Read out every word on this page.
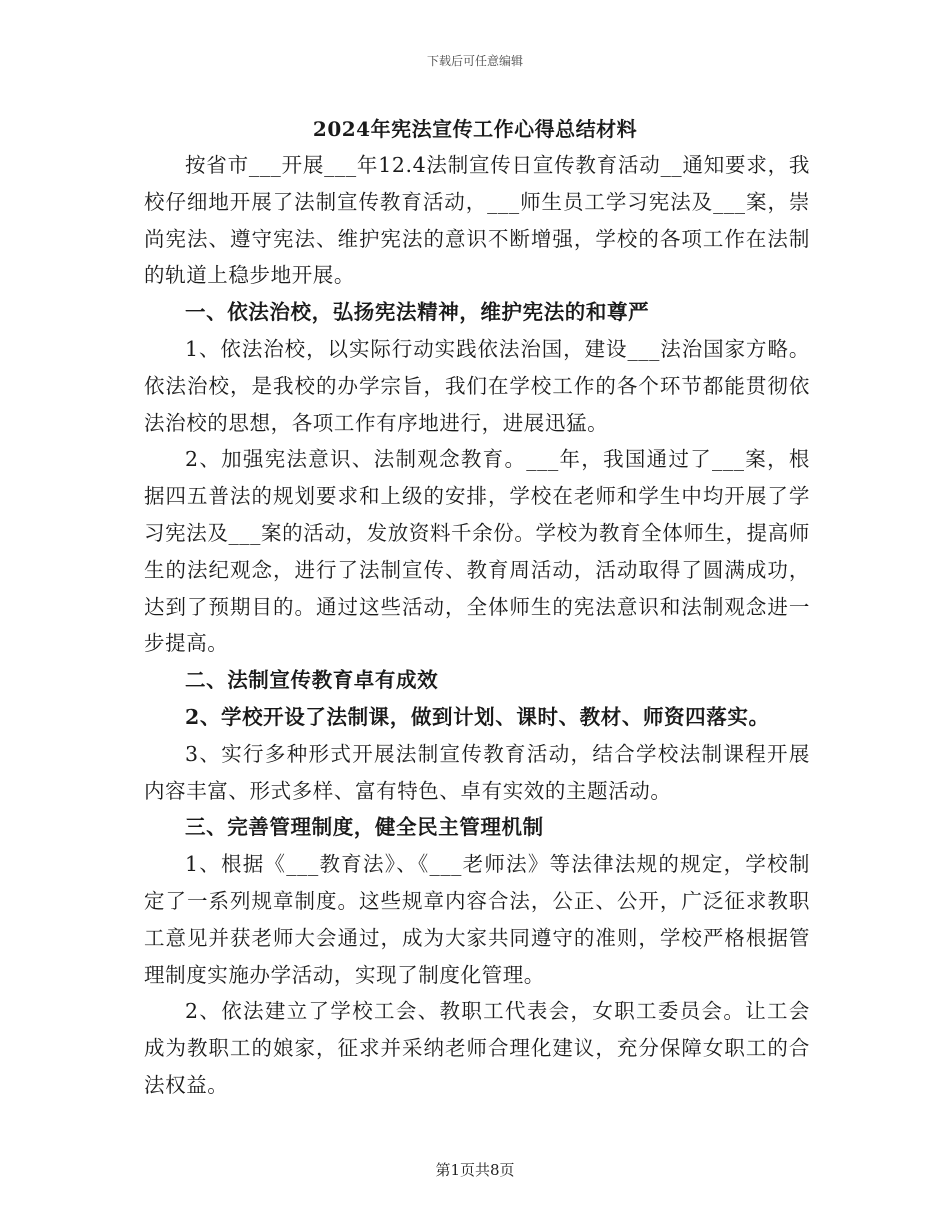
下载后可任意编辑
2024年宪法宣传工作心得总结材料

按省市___开展___年12.4法制宣传日宣传教育活动__通知要求，我校仔细地开展了法制宣传教育活动，___师生员工学习宪法及___案，崇尚宪法、遵守宪法、维护宪法的意识不断增强，学校的各项工作在法制的轨道上稳步地开展。

一、依法治校，弘扬宪法精神，维护宪法的和尊严

1、依法治校，以实际行动实践依法治国，建设___法治国家方略。依法治校，是我校的办学宗旨，我们在学校工作的各个环节都能贯彻依法治校的思想，各项工作有序地进行，进展迅猛。

2、加强宪法意识、法制观念教育。___年，我国通过了___案，根据四五普法的规划要求和上级的安排，学校在老师和学生中均开展了学习宪法及___案的活动，发放资料千余份。学校为教育全体师生，提高师生的法纪观念，进行了法制宣传、教育周活动，活动取得了圆满成功，达到了预期目的。通过这些活动，全体师生的宪法意识和法制观念进一步提高。

二、法制宣传教育卓有成效

2、学校开设了法制课，做到计划、课时、教材、师资四落实。

3、实行多种形式开展法制宣传教育活动，结合学校法制课程开展内容丰富、形式多样、富有特色、卓有实效的主题活动。

三、完善管理制度，健全民主管理机制

1、根据《___教育法》、《___老师法》等法律法规的规定，学校制定了一系列规章制度。这些规章内容合法，公正、公开，广泛征求教职工意见并获老师大会通过，成为大家共同遵守的准则，学校严格根据管理制度实施办学活动，实现了制度化管理。

2、依法建立了学校工会、教职工代表会，女职工委员会。让工会成为教职工的娘家，征求并采纳老师合理化建议，充分保障女职工的合法权益。

第1页共8页
